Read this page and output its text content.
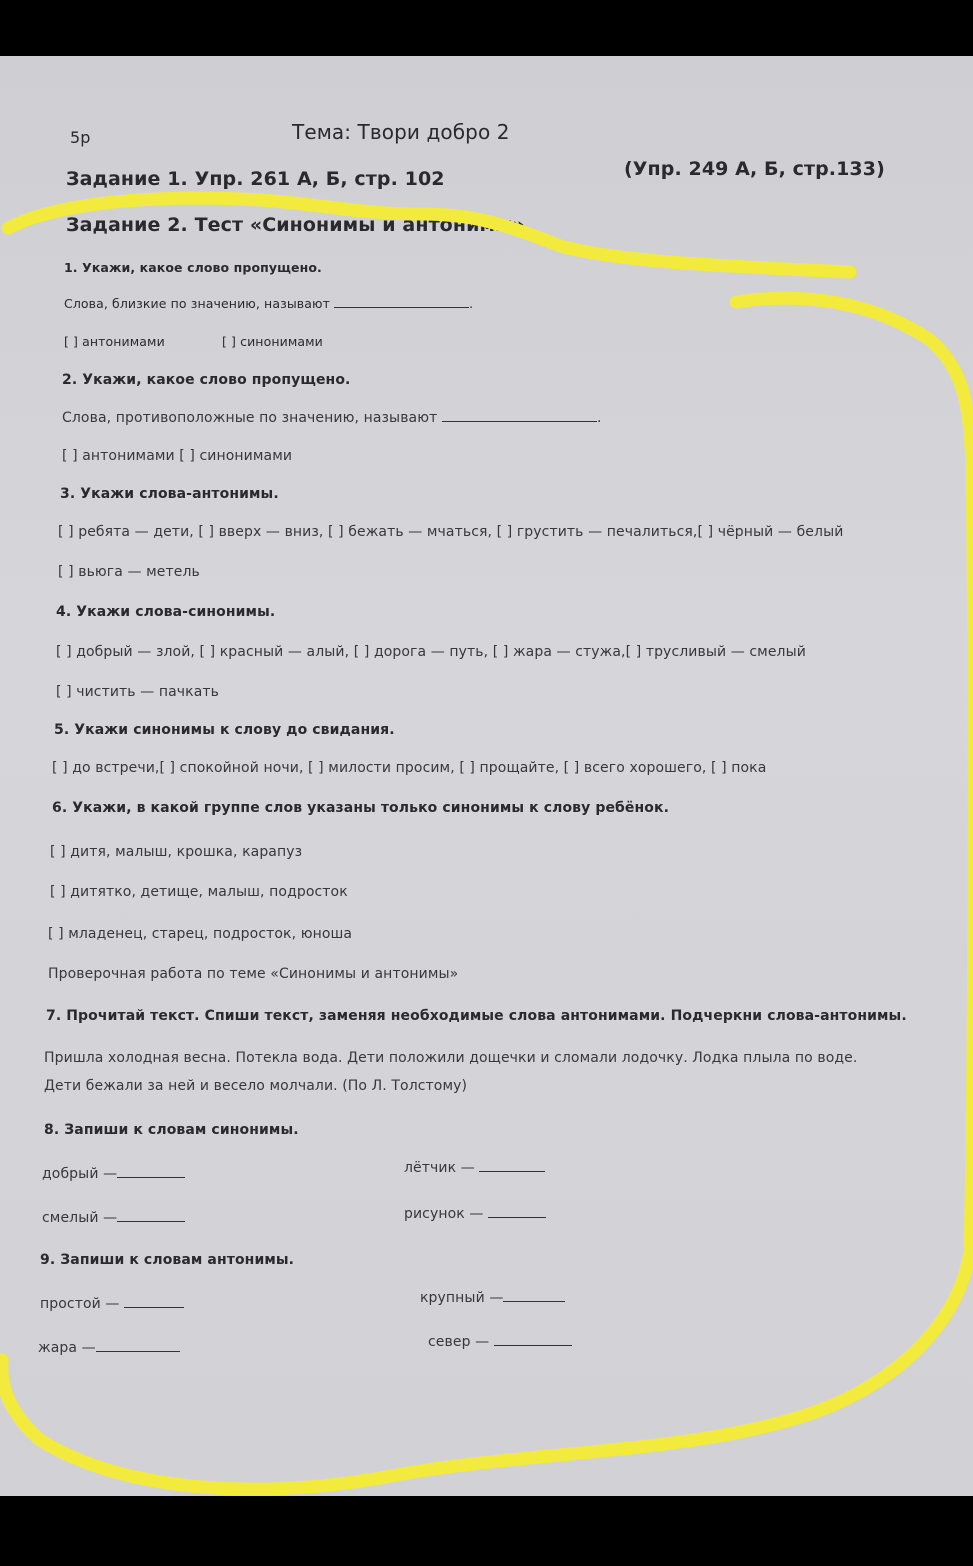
5р	Тема: Твори добро 2
Задание 1. Упр. 261 А, Б, стр. 102	(Упр. 249 А, Б, стр.133)
Задание 2. Тест «Синонимы и антонимы»
1. Укажи, какое слово пропущено.
Слова, близкие по значению, называют	.
[ ] антонимами	[ ] синонимами
2. Укажи, какое слово пропущено.
Слова, противоположные по значению, называют	.
[ ] антонимами [ ] синонимами
3. Укажи слова-антонимы.
[ ] ребята — дети, [ ] вверх — вниз, [ ] бежать — мчаться, [ ] грустить — печалиться,[ ] чёрный — белый
[ ] вьюга — метель
4. Укажи слова-синонимы.
[ ] добрый — злой, [ ] красный — алый, [ ] дорога — путь, [ ] жара — стужа,[ ] трусливый — смелый
[ ] чистить — пачкать
5. Укажи синонимы к слову до свидания.
[ ] до встречи,[ ] спокойной ночи, [ ] милости просим, [ ] прощайте, [ ] всего хорошего, [ ] пока
6. Укажи, в какой группе слов указаны только синонимы к слову ребёнок.
[ ] дитя, малыш, крошка, карапуз
[ ] дитятко, детище, малыш, подросток
[ ] младенец, старец, подросток, юноша
Проверочная работа по теме «Синонимы и антонимы»
7. Прочитай текст. Спиши текст, заменяя необходимые слова антонимами. Подчеркни слова-антонимы.
Пришла холодная весна. Потекла вода. Дети положили дощечки и сломали лодочку. Лодка плыла по воде.
Дети бежали за ней и весело молчали. (По Л. Толстому)
8. Запиши к словам синонимы.
добрый —	лётчик —
смелый —	рисунок —
9. Запиши к словам антонимы.
простой —	крупный —
жара —	север —
